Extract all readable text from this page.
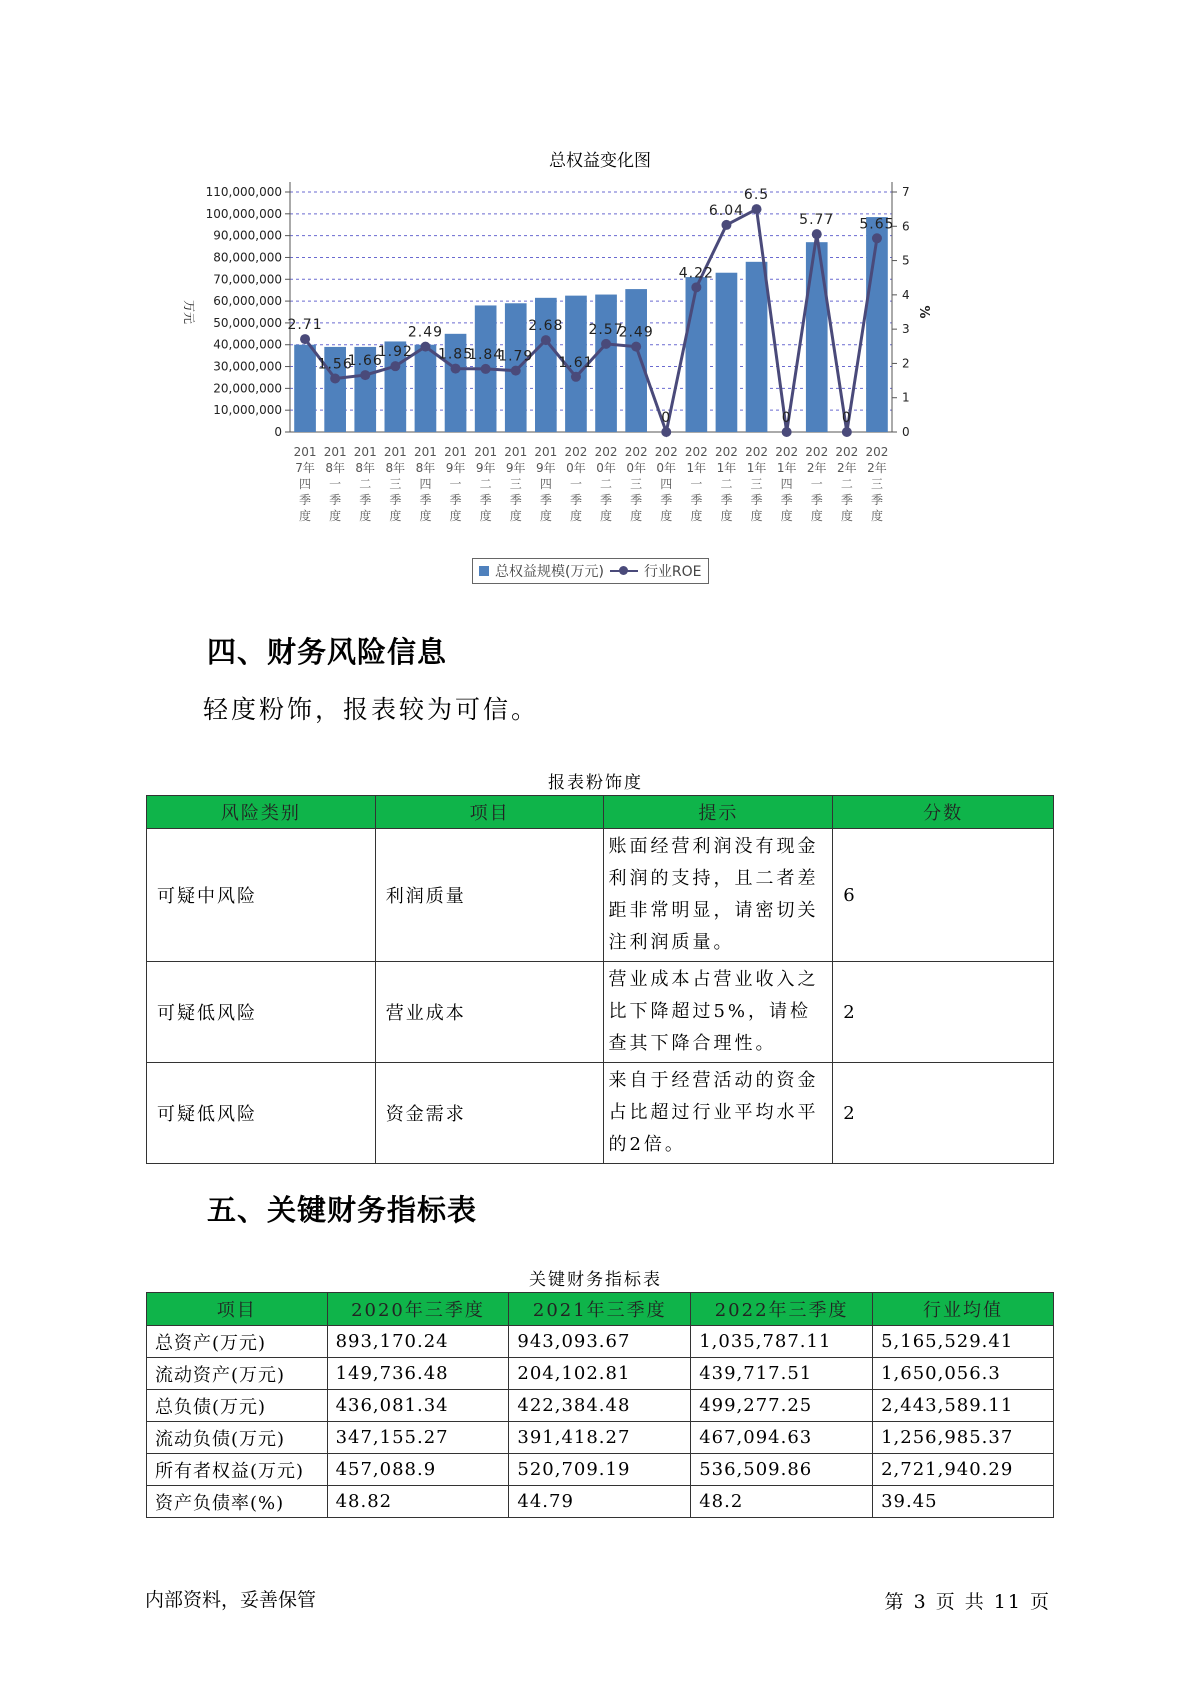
总权益变化图
0
10,000,000
20,000,000
30,000,000
40,000,000
50,000,000
60,000,000
70,000,000
80,000,000
90,000,000
100,000,000
110,000,000
0
1
2
3
4
5
6
7
万元	%
201
7年
四
季
度
201
8年
一
季
度
201
8年
二
季
度
201
8年
三
季
度
201
8年
四
季
度
201
9年
一
季
度
201
9年
二
季
度
201
9年
三
季
度
201
9年
四
季
度
202
0年
一
季
度
202
0年
二
季
度
202
0年
三
季
度
202
0年
四
季
度
202
1年
一
季
度
202
1年
二
季
度
202
1年
三
季
度
202
1年
四
季
度
202
2年
一
季
度
202
2年
二
季
度
202
2年
三
季
度
2.71
1.56
1.66
1.92
2.49
1.85
1.84
1.79
2.68
1.61
2.57
2.49
0
4.22
6.04
6.5
0
5.77
0
5.65
总权益规模(万元)	行业ROE
四、财务风险信息
轻度粉饰，报表较为可信。
报表粉饰度
风险类别	项目	提示	分数
可疑中风险	利润质量	账面经营利润没有现金利润的支持，且二者差距非常明显，请密切关注利润质量。	6
可疑低风险	营业成本	营业成本占营业收入之比下降超过5%，请检查其下降合理性。	2
可疑低风险	资金需求	来自于经营活动的资金占比超过行业平均水平的2倍。	2
五、关键财务指标表
关键财务指标表
项目	2020年三季度	2021年三季度	2022年三季度	行业均值
总资产(万元)	893,170.24	943,093.67	1,035,787.11	5,165,529.41
流动资产(万元)	149,736.48	204,102.81	439,717.51	1,650,056.3
总负债(万元)	436,081.34	422,384.48	499,277.25	2,443,589.11
流动负债(万元)	347,155.27	391,418.27	467,094.63	1,256,985.37
所有者权益(万元)	457,088.9	520,709.19	536,509.86	2,721,940.29
资产负债率(%)	48.82	44.79	48.2	39.45
内部资料，妥善保管	第 3 页 共 11 页
